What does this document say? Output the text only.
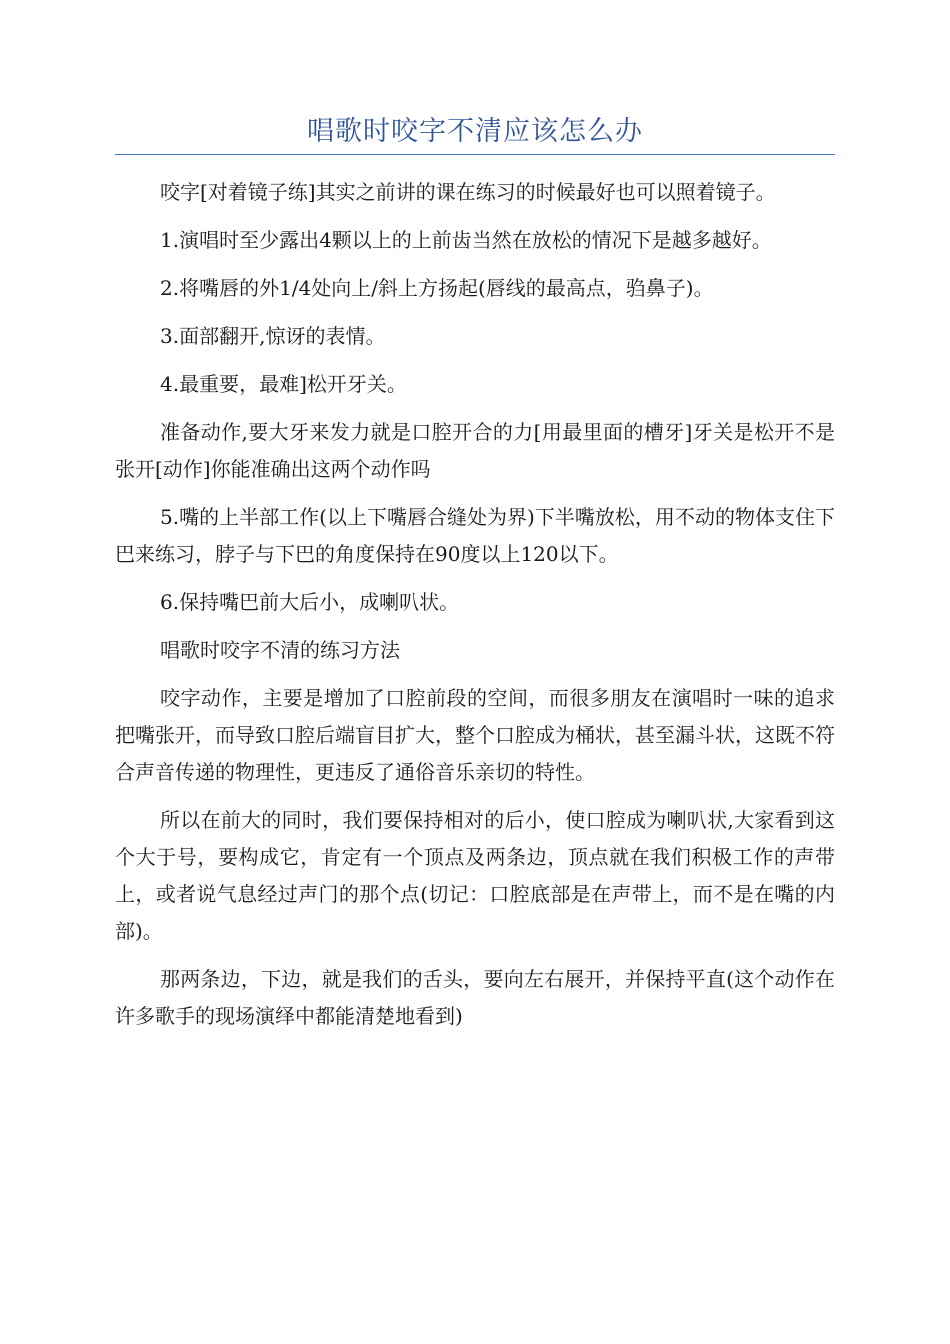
唱歌时咬字不清应该怎么办

咬字[对着镜子练]其实之前讲的课在练习的时候最好也可以照着镜子。

1.演唱时至少露出4颗以上的上前齿当然在放松的情况下是越多越好。

2.将嘴唇的外1/4处向上/斜上方扬起(唇线的最高点，驺鼻子)。

3.面部翻开,惊讶的表情。

4.最重要，最难]松开牙关。

准备动作,要大牙来发力就是口腔开合的力[用最里面的槽牙]牙关是松开不是张开[动作]你能准确出这两个动作吗

5.嘴的上半部工作(以上下嘴唇合缝处为界)下半嘴放松，用不动的物体支住下巴来练习，脖子与下巴的角度保持在90度以上120以下。

6.保持嘴巴前大后小，成喇叭状。

唱歌时咬字不清的练习方法

咬字动作，主要是增加了口腔前段的空间，而很多朋友在演唱时一味的追求把嘴张开，而导致口腔后端盲目扩大，整个口腔成为桶状，甚至漏斗状，这既不符合声音传递的物理性，更违反了通俗音乐亲切的特性。

所以在前大的同时，我们要保持相对的后小，使口腔成为喇叭状,大家看到这个大于号，要构成它，肯定有一个顶点及两条边，顶点就在我们积极工作的声带上，或者说气息经过声门的那个点(切记：口腔底部是在声带上，而不是在嘴的内部)。

那两条边，下边，就是我们的舌头，要向左右展开，并保持平直(这个动作在许多歌手的现场演绎中都能清楚地看到)
